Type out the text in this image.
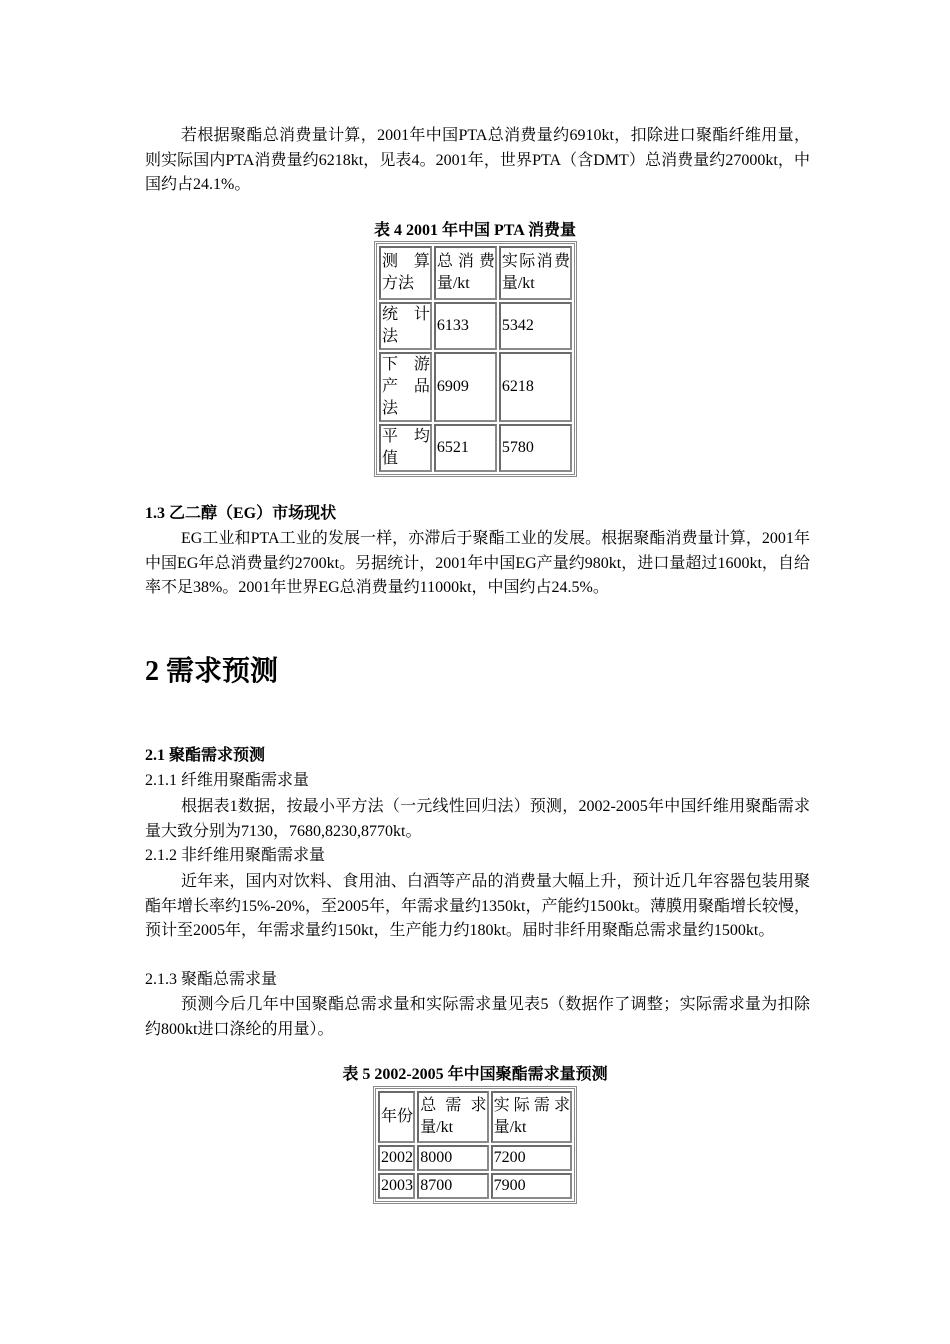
若根据聚酯总消费量计算，2001年中国PTA总消费量约6910kt，扣除进口聚酯纤维用量，则实际国内PTA消费量约6218kt，见表4。2001年，世界PTA（含DMT）总消费量约27000kt，中国约占24.1%。

表 4 2001 年中国 PTA 消费量
测算方法	总消费量/kt	实际消费量/kt
统计法	6133	5342
下游产品法	6909	6218
平均值	6521	5780
1.3 乙二醇（EG）市场现状

EG工业和PTA工业的发展一样，亦滞后于聚酯工业的发展。根据聚酯消费量计算，2001年中国EG年总消费量约2700kt。另据统计，2001年中国EG产量约980kt，进口量超过1600kt，自给率不足38%。2001年世界EG总消费量约11000kt，中国约占24.5%。

2 需求预测
2.1 聚酯需求预测
2.1.1 纤维用聚酯需求量

根据表1数据，按最小平方法（一元线性回归法）预测，2002-2005年中国纤维用聚酯需求量大致分别为7130，7680,8230,8770kt。

2.1.2 非纤维用聚酯需求量

近年来，国内对饮料、食用油、白酒等产品的消费量大幅上升，预计近几年容器包装用聚酯年增长率约15%-20%，至2005年，年需求量约1350kt，产能约1500kt。薄膜用聚酯增长较慢，预计至2005年，年需求量约150kt，生产能力约180kt。届时非纤用聚酯总需求量约1500kt。

2.1.3 聚酯总需求量

预测今后几年中国聚酯总需求量和实际需求量见表5（数据作了调整；实际需求量为扣除约800kt进口涤纶的用量）。

表 5 2002-2005 年中国聚酯需求量预测
年份	总需求量/kt	实际需求量/kt
2002	8000	7200
2003	8700	7900
